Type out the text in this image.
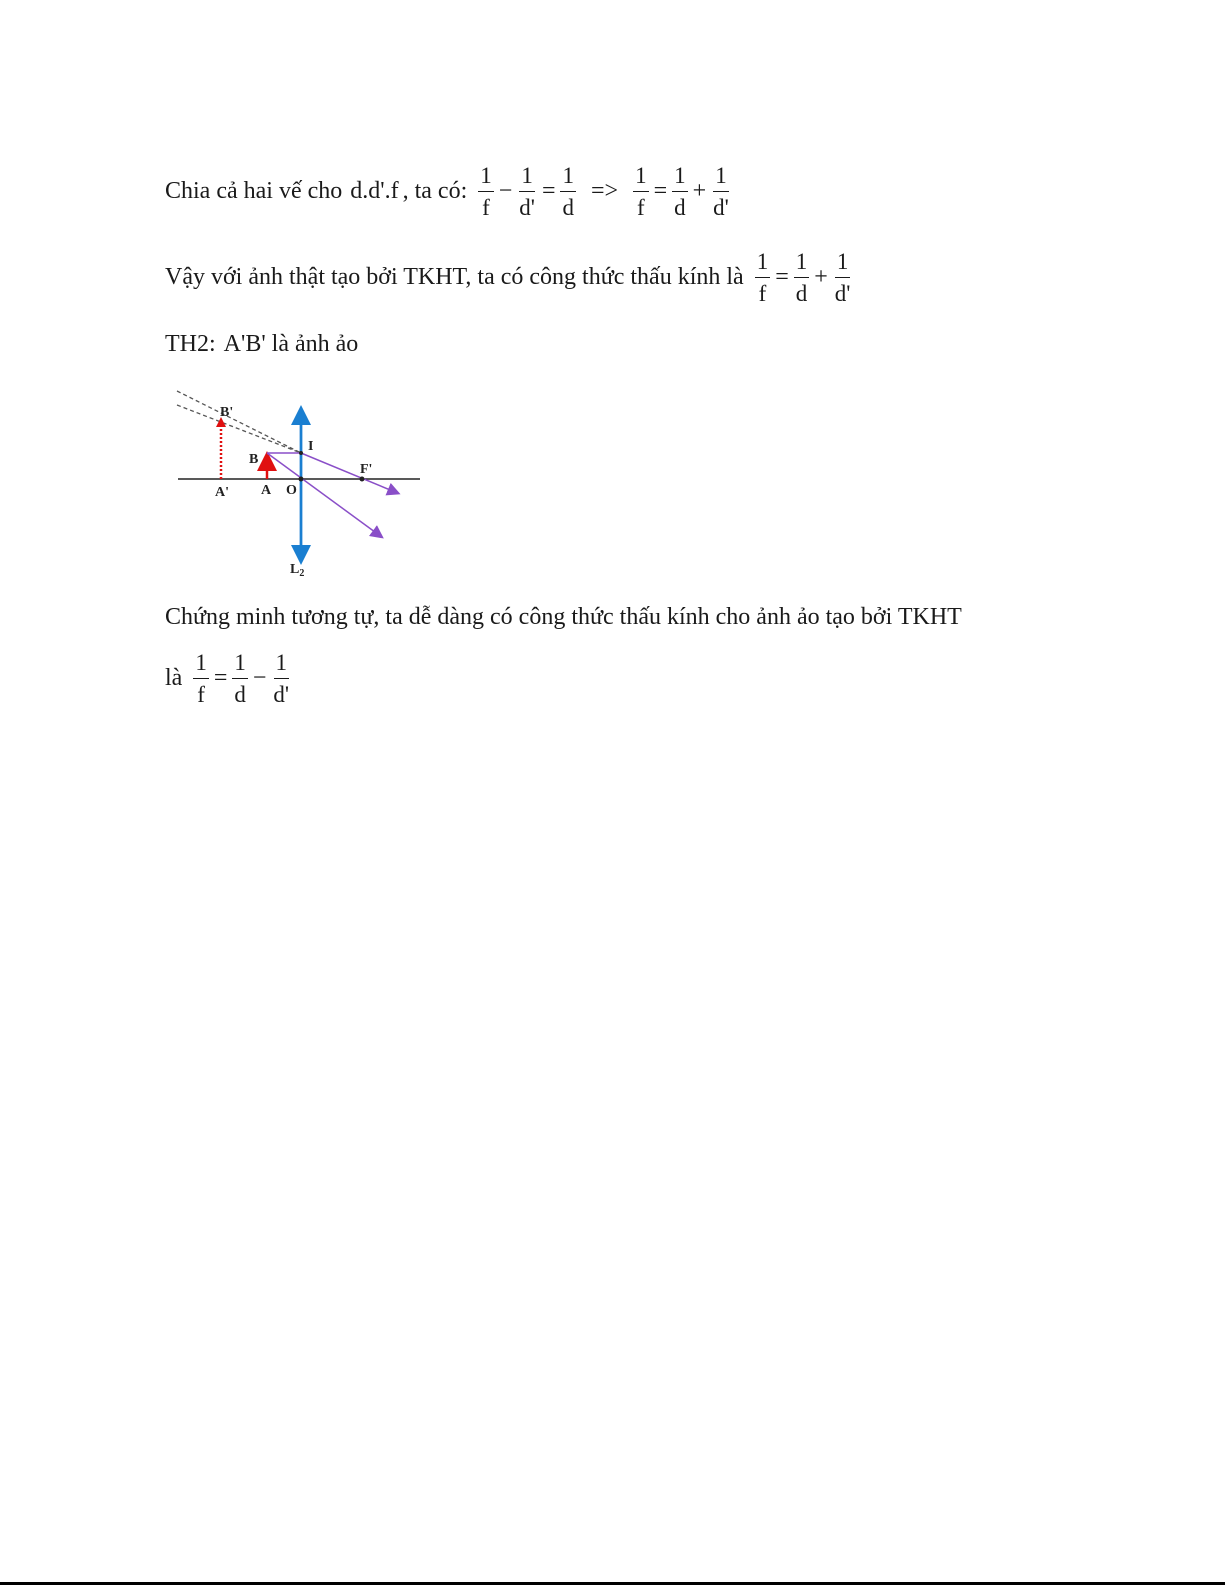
Chia cả hai vế cho d.d'.f , ta có: $\frac{1}{f} - \frac{1}{d'} = \frac{1}{d} => \frac{1}{f} = \frac{1}{d} + \frac{1}{d'}$
Vậy với ảnh thật tạo bởi TKHT, ta có công thức thấu kính là $\frac{1}{f} = \frac{1}{d} + \frac{1}{d'}$
TH2: A'B' là ảnh ảo
B'
I
B
F'
A' A O
$L_2$
Chứng minh tương tự, ta dễ dàng có công thức thấu kính cho ảnh ảo tạo bởi TKHT
là $\frac{1}{f} = \frac{1}{d} - \frac{1}{d'}$
